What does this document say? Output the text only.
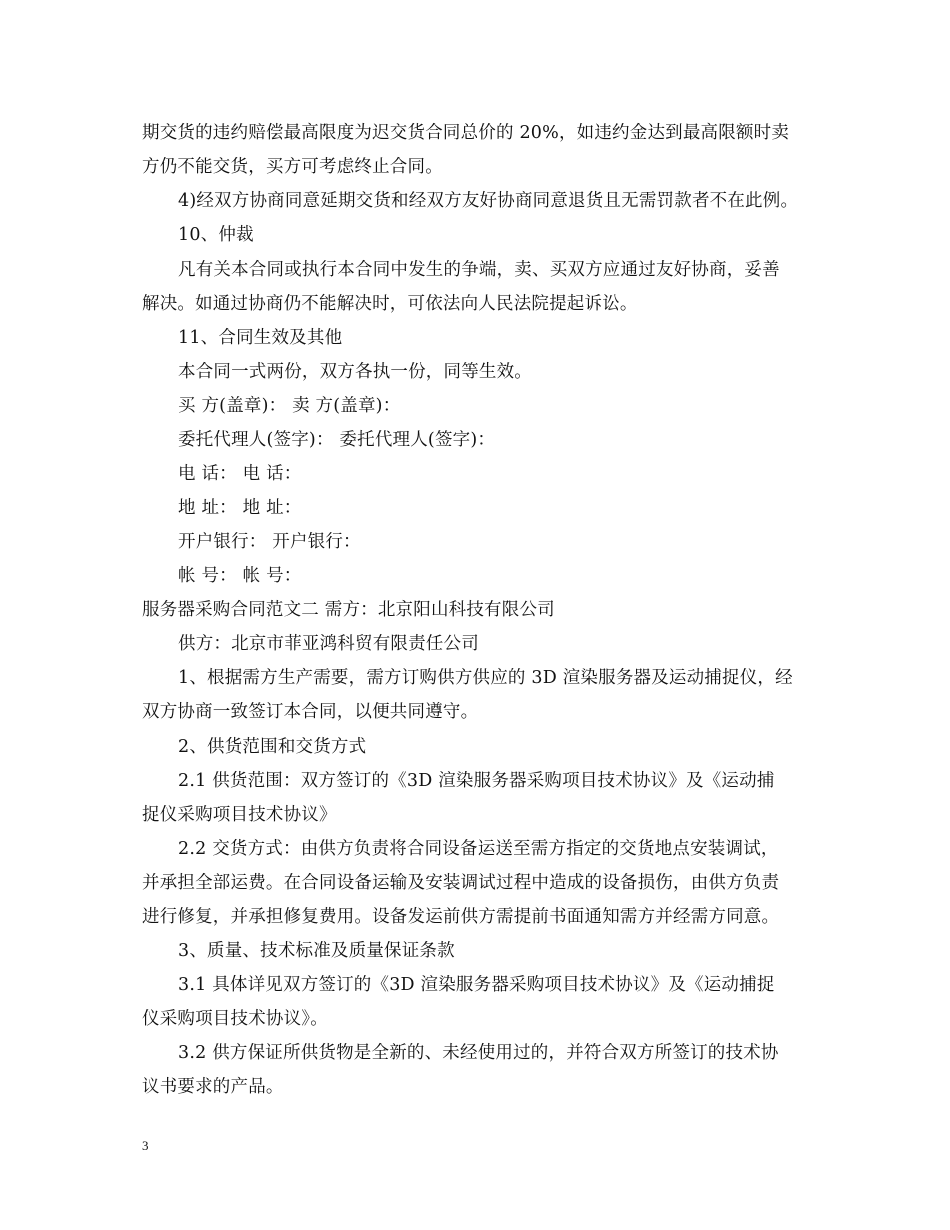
期交货的违约赔偿最高限度为迟交货合同总价的 20%，如违约金达到最高限额时卖
方仍不能交货，买方可考虑终止合同。
4)经双方协商同意延期交货和经双方友好协商同意退货且无需罚款者不在此例。
10、仲裁
凡有关本合同或执行本合同中发生的争端，卖、买双方应通过友好协商，妥善
解决。如通过协商仍不能解决时，可依法向人民法院提起诉讼。
11、合同生效及其他
本合同一式两份，双方各执一份，同等生效。
买 方(盖章)： 卖 方(盖章)：
委托代理人(签字)： 委托代理人(签字)：
电 话： 电 话：
地 址： 地 址：
开户银行： 开户银行：
帐 号： 帐 号：
服务器采购合同范文二 需方：北京阳山科技有限公司
供方：北京市菲亚鸿科贸有限责任公司
1、根据需方生产需要，需方订购供方供应的 3D 渲染服务器及运动捕捉仪，经
双方协商一致签订本合同，以便共同遵守。
2、供货范围和交货方式
2.1 供货范围：双方签订的《3D 渲染服务器采购项目技术协议》及《运动捕
捉仪采购项目技术协议》
2.2 交货方式：由供方负责将合同设备运送至需方指定的交货地点安装调试，
并承担全部运费。在合同设备运输及安装调试过程中造成的设备损伤，由供方负责
进行修复，并承担修复费用。设备发运前供方需提前书面通知需方并经需方同意。
3、质量、技术标准及质量保证条款
3.1 具体详见双方签订的《3D 渲染服务器采购项目技术协议》及《运动捕捉
仪采购项目技术协议》。
3.2 供方保证所供货物是全新的、未经使用过的，并符合双方所签订的技术协
议书要求的产品。
3
